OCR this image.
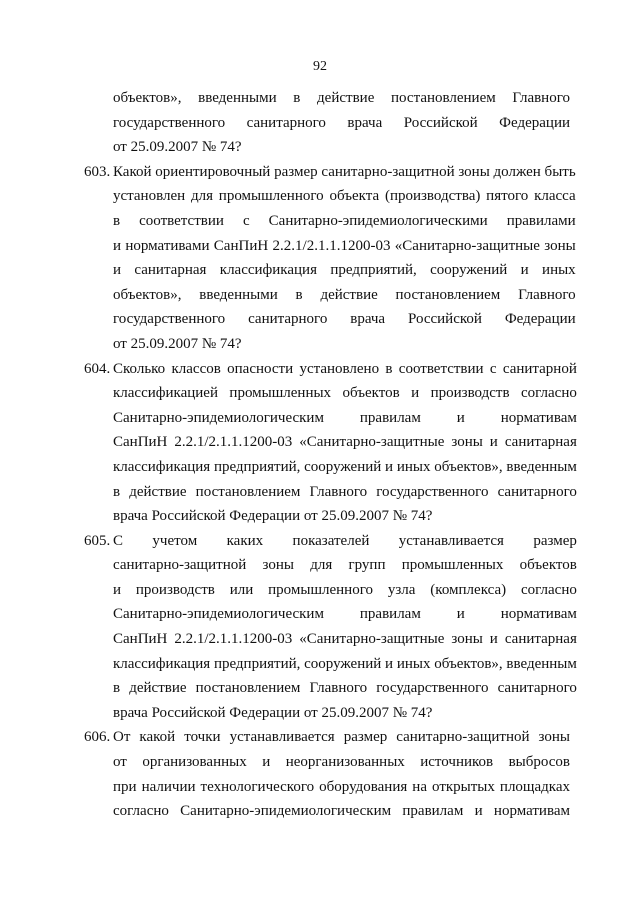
92
объектов», введенными в действие постановлением Главного
государственного санитарного врача Российской Федерации
от 25.09.2007 № 74?
603. Какой ориентировочный размер санитарно-защитной зоны должен быть
установлен для промышленного объекта (производства) пятого класса
в соответствии с Санитарно-эпидемиологическими правилами
и нормативами СанПиН 2.2.1/2.1.1.1200-03 «Санитарно-защитные зоны
и санитарная классификация предприятий, сооружений и иных
объектов», введенными в действие постановлением Главного
государственного санитарного врача Российской Федерации
от 25.09.2007 № 74?
604. Сколько классов опасности установлено в соответствии с санитарной
классификацией промышленных объектов и производств согласно
Санитарно-эпидемиологическим правилам и нормативам
СанПиН 2.2.1/2.1.1.1200-03 «Санитарно-защитные зоны и санитарная
классификация предприятий, сооружений и иных объектов», введенным
в действие постановлением Главного государственного санитарного
врача Российской Федерации от 25.09.2007 № 74?
605. С учетом каких показателей устанавливается размер
санитарно-защитной зоны для групп промышленных объектов
и производств или промышленного узла (комплекса) согласно
Санитарно-эпидемиологическим правилам и нормативам
СанПиН 2.2.1/2.1.1.1200-03 «Санитарно-защитные зоны и санитарная
классификация предприятий, сооружений и иных объектов», введенным
в действие постановлением Главного государственного санитарного
врача Российской Федерации от 25.09.2007 № 74?
606. От какой точки устанавливается размер санитарно-защитной зоны
от организованных и неорганизованных источников выбросов
при наличии технологического оборудования на открытых площадках
согласно Санитарно-эпидемиологическим правилам и нормативам
